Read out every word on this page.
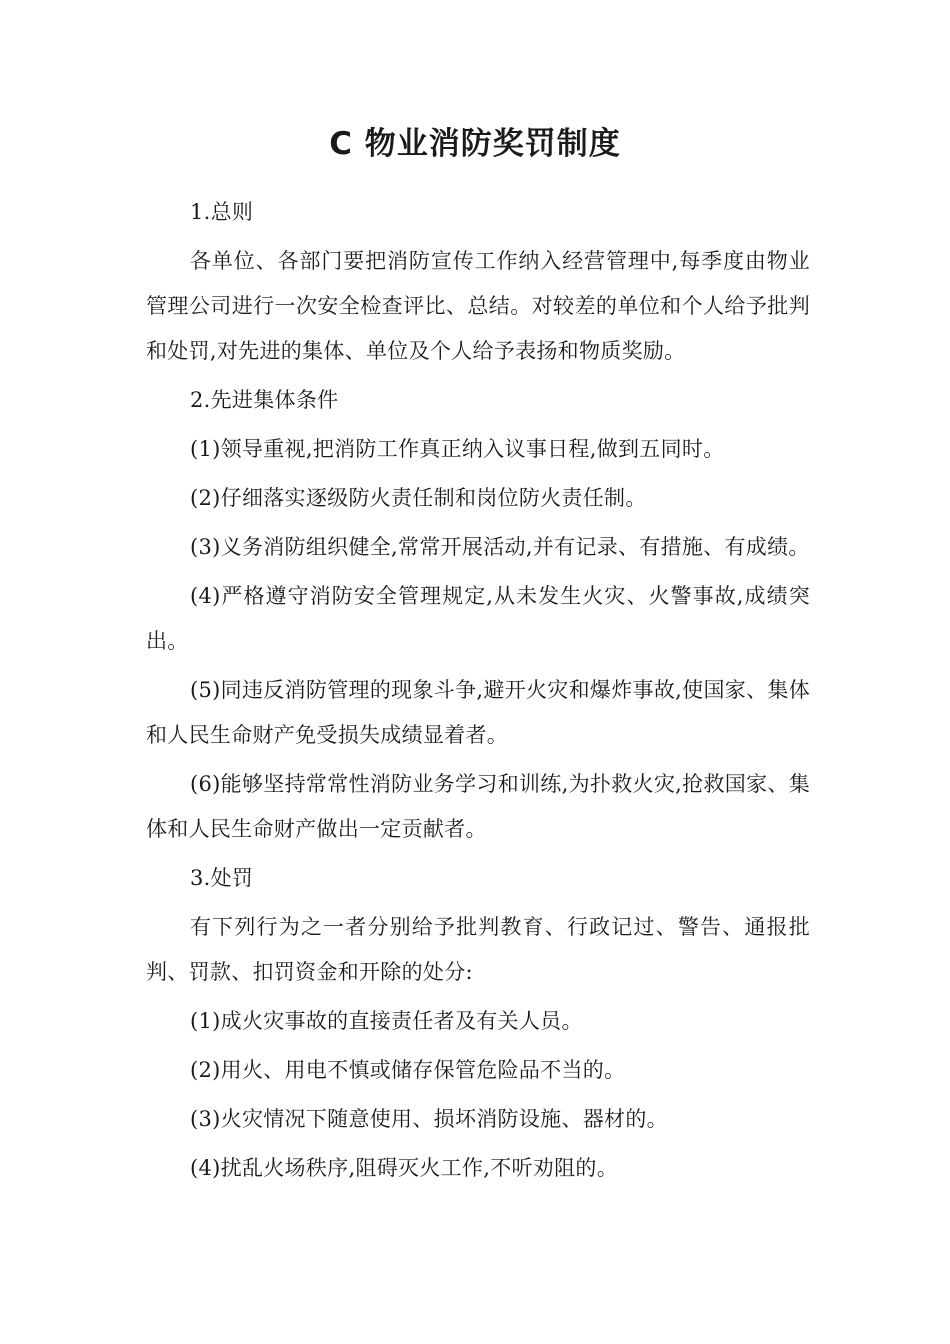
C 物业消防奖罚制度

1.总则

各单位、各部门要把消防宣传工作纳入经营管理中,每季度由物业管理公司进行一次安全检查评比、总结。对较差的单位和个人给予批判和处罚,对先进的集体、单位及个人给予表扬和物质奖励。

2.先进集体条件

(1)领导重视,把消防工作真正纳入议事日程,做到五同时。

(2)仔细落实逐级防火责任制和岗位防火责任制。

(3)义务消防组织健全,常常开展活动,并有记录、有措施、有成绩。

(4)严格遵守消防安全管理规定,从未发生火灾、火警事故,成绩突出。

(5)同违反消防管理的现象斗争,避开火灾和爆炸事故,使国家、集体和人民生命财产免受损失成绩显着者。

(6)能够坚持常常性消防业务学习和训练,为扑救火灾,抢救国家、集体和人民生命财产做出一定贡献者。

3.处罚

有下列行为之一者分别给予批判教育、行政记过、警告、通报批判、罚款、扣罚资金和开除的处分:

(1)成火灾事故的直接责任者及有关人员。

(2)用火、用电不慎或储存保管危险品不当的。

(3)火灾情况下随意使用、损坏消防设施、器材的。

(4)扰乱火场秩序,阻碍灭火工作,不听劝阻的。
